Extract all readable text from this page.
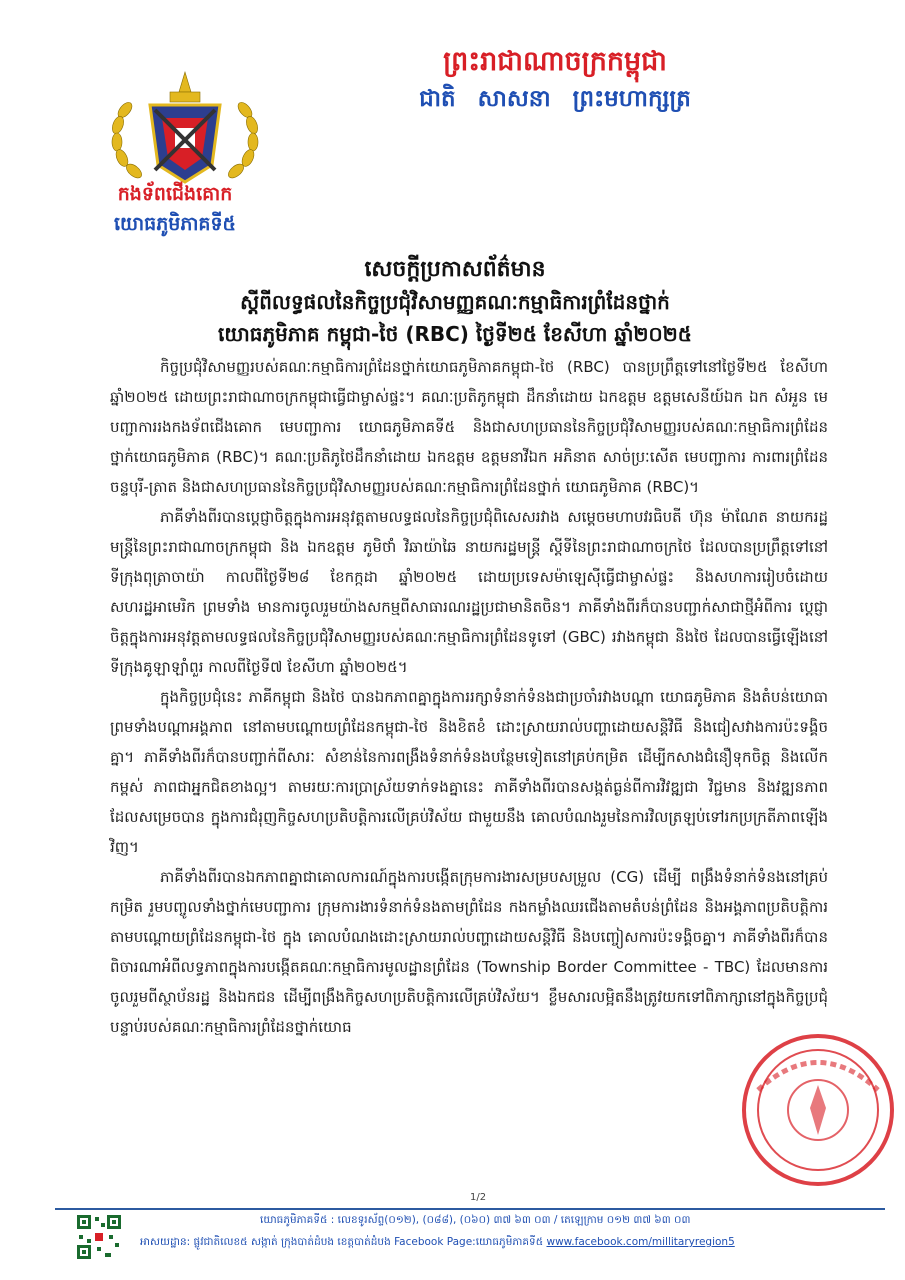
កងទ័ពជើងគោក
យោធភូមិភាគទី៥
ព្រះរាជាណាចក្រកម្ពុជា
ជាតិ សាសនា ព្រះមហាក្សត្រ
សេចក្ដីប្រកាសព័ត៌មាន
ស្ដីពីលទ្ធផលនៃកិច្ចប្រជុំវិសាមញ្ញគណៈកម្មាធិការព្រំដែនថ្នាក់
យោធភូមិភាគ កម្ពុជា-ថៃ (RBC) ថ្ងៃទី២៥ ខែសីហា ឆ្នាំ២០២៥

កិច្ចប្រជុំវិសាមញ្ញរបស់គណៈកម្មាធិការព្រំដែនថ្នាក់យោធភូមិភាគកម្ពុជា-ថៃ (RBC) បានប្រព្រឹត្តទៅនៅថ្ងៃទី២៥ ខែសីហា ឆ្នាំ២០២៥ ដោយព្រះរាជាណាចក្រកម្ពុជាធ្វើជាម្ចាស់ផ្ទះ។ គណៈប្រតិភូកម្ពុជា ដឹកនាំដោយ ឯកឧត្តម ឧត្តមសេនីយ៍ឯក ឯក សំអួន មេបញ្ជាការរងកងទ័ពជើងគោក មេបញ្ជាការ យោធភូមិភាគទី៥ និងជាសហប្រធាននៃកិច្ចប្រជុំវិសាមញ្ញរបស់គណៈកម្មាធិការព្រំដែនថ្នាក់យោធភូមិភាគ (RBC)។ គណៈប្រតិភូថៃដឹកនាំដោយ ឯកឧត្តម ឧត្តមនាវីឯក អភិនាត សាច់ប្រៈសើត មេបញ្ជាការ ការពារព្រំដែនចន្ទបុរី-ត្រាត និងជាសហប្រធាននៃកិច្ចប្រជុំវិសាមញ្ញរបស់គណៈកម្មាធិការព្រំដែនថ្នាក់ យោធភូមិភាគ (RBC)។

ភាគីទាំងពីរបានប្ដេជ្ញាចិត្តក្នុងការអនុវត្តតាមលទ្ធផលនៃកិច្ចប្រជុំពិសេសរវាង សម្ដេចមហាបវរធិបតី ហ៊ុន ម៉ាណែត នាយករដ្ឋមន្ត្រីនៃព្រះរាជាណាចក្រកម្ពុជា និង ឯកឧត្តម ភូមិថាំ វិឆាយ៉ាឆៃ នាយករដ្ឋមន្ត្រី ស្ដីទីនៃព្រះរាជាណាចក្រថៃ ដែលបានប្រព្រឹត្តទៅនៅទីក្រុងពុត្រាចាយ៉ា កាលពីថ្ងៃទី២៨ ខែកក្កដា ឆ្នាំ២០២៥ ដោយប្រទេសម៉ាឡេស៊ីធ្វើជាម្ចាស់ផ្ទះ និងសហការរៀបចំដោយសហរដ្ឋអាមេរិក ព្រមទាំង មានការចូលរួមយ៉ាងសកម្មពីសាធារណរដ្ឋប្រជាមានិតចិន។ ភាគីទាំងពីរក៏បានបញ្ជាក់សាជាថ្មីអំពីការ ប្ដេជ្ញាចិត្តក្នុងការអនុវត្តតាមលទ្ធផលនៃកិច្ចប្រជុំវិសាមញ្ញរបស់គណៈកម្មាធិការព្រំដែនទូទៅ (GBC) រវាងកម្ពុជា និងថៃ ដែលបានធ្វើឡើងនៅទីក្រុងគូឡាឡាំពួរ កាលពីថ្ងៃទី៧ ខែសីហា ឆ្នាំ២០២៥។

ក្នុងកិច្ចប្រជុំនេះ ភាគីកម្ពុជា និងថៃ បានឯកភាពគ្នាក្នុងការរក្សាទំនាក់ទំនងជាប្រចាំរវាងបណ្ដា យោធភូមិភាគ និងតំបន់យោធា ព្រមទាំងបណ្ដាអង្គភាព នៅតាមបណ្ដោយព្រំដែនកម្ពុជា-ថៃ និងខិតខំ ដោះស្រាយរាល់បញ្ហាដោយសន្តិវិធី និងជៀសវាងការប៉ះទង្គិចគ្នា។ ភាគីទាំងពីរក៏បានបញ្ជាក់ពីសារៈ សំខាន់នៃការពង្រឹងទំនាក់ទំនងបន្ថែមទៀតនៅគ្រប់កម្រិត ដើម្បីកសាងជំនឿទុកចិត្ត និងលើកកម្ពស់ ភាពជាអ្នកជិតខាងល្អ។ តាមរយៈការប្រាស្រ័យទាក់ទងគ្នានេះ ភាគីទាំងពីរបានសង្កត់ធ្ងន់ពីការវិវឌ្ឍជា វិជ្ជមាន និងវឌ្ឍនភាពដែលសម្រេចបាន ក្នុងការជំរុញកិច្ចសហប្រតិបត្តិការលើគ្រប់វិស័យ ជាមួយនឹង គោលបំណងរួមនៃការវិលត្រឡប់ទៅរកប្រក្រតីភាពឡើងវិញ។

ភាគីទាំងពីរបានឯកភាពគ្នាជាគោលការណ៍ក្នុងការបង្កើតក្រុមការងារសម្របសម្រួល (CG) ដើម្បី ពង្រឹងទំនាក់ទំនងនៅគ្រប់កម្រិត រួមបញ្ចូលទាំងថ្នាក់មេបញ្ជាការ ក្រុមការងារទំនាក់ទំនងតាមព្រំដែន កងកម្លាំងឈរជើងតាមតំបន់ព្រំដែន និងអង្គភាពប្រតិបត្តិការតាមបណ្ដោយព្រំដែនកម្ពុជា-ថៃ ក្នុង គោលបំណងដោះស្រាយរាល់បញ្ហាដោយសន្តិវិធី និងបញ្ចៀសការប៉ះទង្គិចគ្នា។ ភាគីទាំងពីរក៏បាន ពិចារណាអំពីលទ្ធភាពក្នុងការបង្កើតគណៈកម្មាធិការមូលដ្ឋានព្រំដែន (Township Border Committee - TBC) ដែលមានការចូលរួមពីស្ថាប័នរដ្ឋ និងឯកជន ដើម្បីពង្រឹងកិច្ចសហប្រតិបត្តិការលើគ្រប់វិស័យ។ ខ្លឹមសារលម្អិតនឹងត្រូវយកទៅពិភាក្សានៅក្នុងកិច្ចប្រជុំបន្ទាប់របស់គណៈកម្មាធិការព្រំដែនថ្នាក់យោធ

1/2
យោធភូមិភាគទី៥ : លេខទូរស័ព្ទ(០១២), (០៨៨), (០៦០) ៣៧ ៦៣ ០៣ / តេឡេក្រាម ០១២ ៣៧ ៦៣ ០៣
អាសយដ្ឋាន: ផ្លូវជាតិលេខ៥ សង្កាត់ ក្រុងបាត់ដំបង ខេត្តបាត់ដំបង Facebook Page:យោធភូមិភាគទី៥ www.facebook.com/millitaryregion5
